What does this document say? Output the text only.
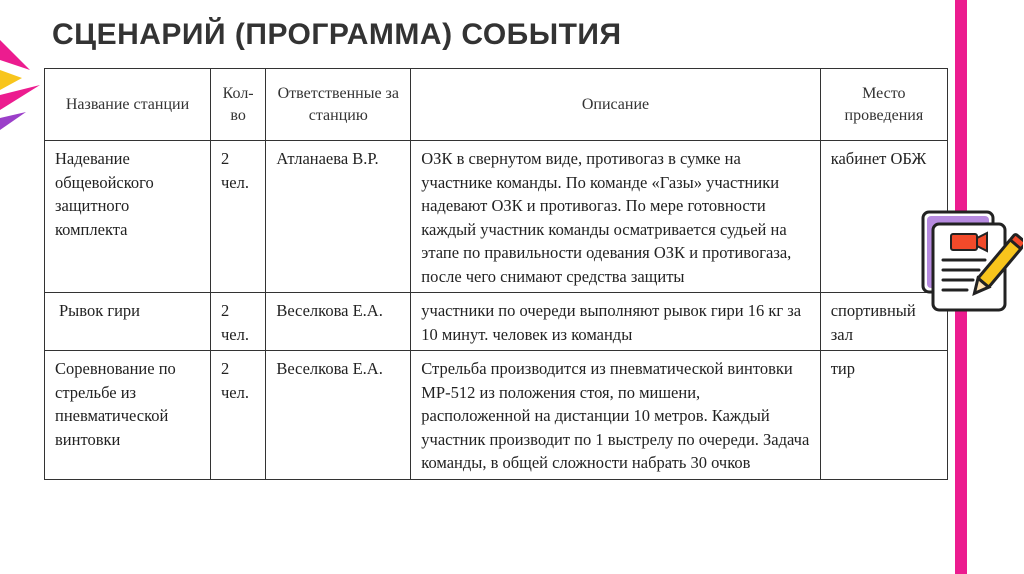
СЦЕНАРИЙ (ПРОГРАММА) СОБЫТИЯ
Название станции	Кол-во	Ответственные за станцию	Описание	Место проведения
Надевание общевойского защитного комплекта	2 чел.	Атланаева В.Р.	ОЗК в свернутом виде, противогаз в сумке на участнике команды. По команде «Газы» участники надевают ОЗК и противогаз. По мере готовности каждый участник команды осматривается судьей на этапе по правильности одевания ОЗК и противогаза, после чего снимают средства защиты	кабинет ОБЖ
Рывок гири	2 чел.	Веселкова Е.А.	участники по очереди выполняют рывок гири 16 кг за 10 минут. человек из команды	спортивный зал
Соревнование по стрельбе из пневматической винтовки	2 чел.	Веселкова Е.А.	Стрельба производится из пневматической винтовки МР-512 из положения стоя, по мишени, расположенной на дистанции 10 метров. Каждый участник производит по 1 выстрелу по очереди. Задача команды, в общей сложности набрать 30 очков	тир
